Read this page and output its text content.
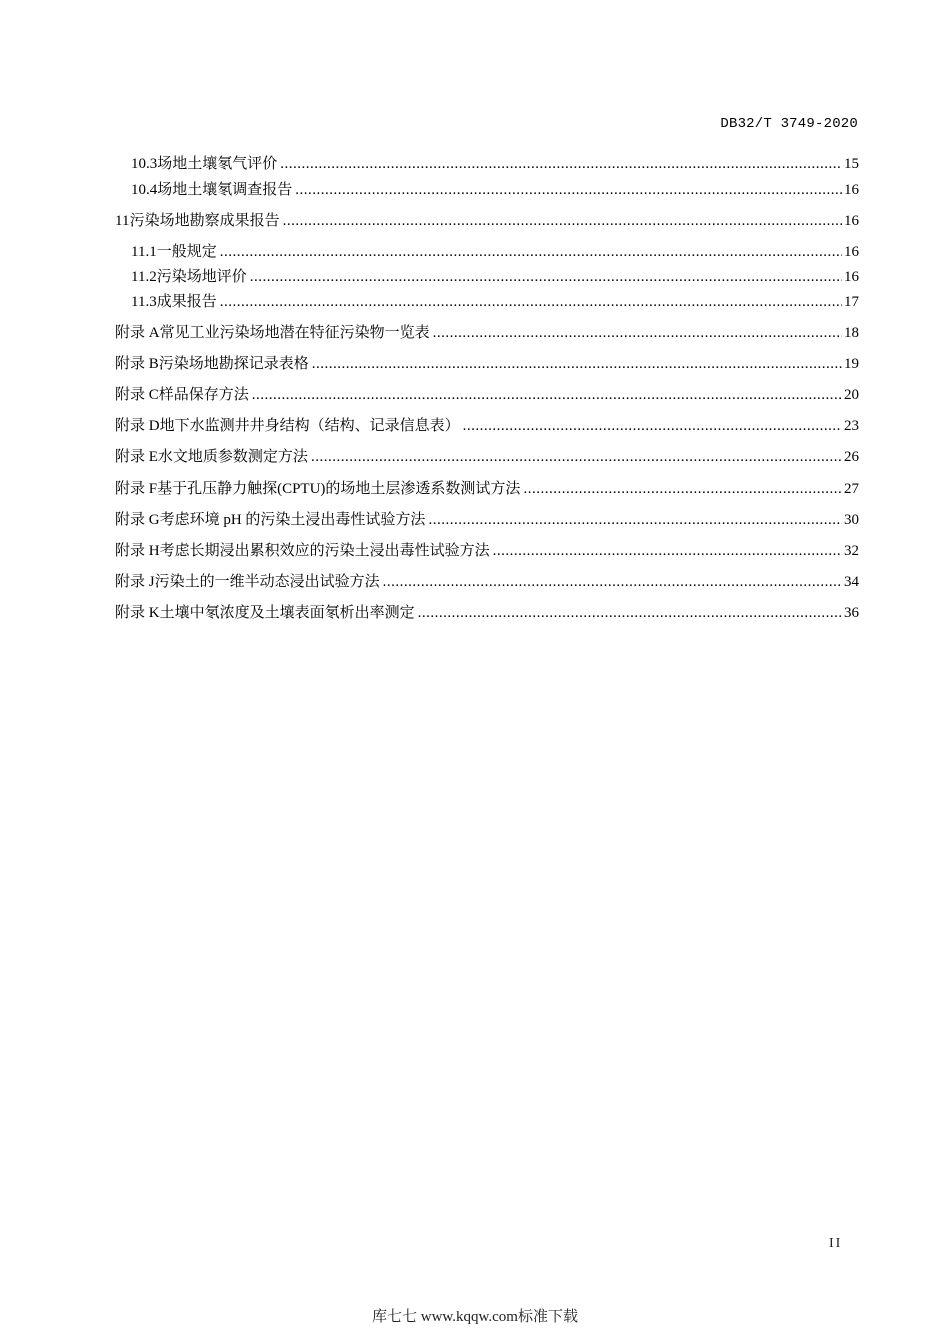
DB32/T 3749-2020
10.3 场地土壤氡气评价 .....	15
10.4 场地土壤氡调查报告 .....	16
11 污染场地勘察成果报告 .....	16
11.1 一般规定 .....	16
11.2 污染场地评价 .....	16
11.3 成果报告 .....	17
附录 A 常见工业污染场地潜在特征污染物一览表 .....	18
附录 B 污染场地勘探记录表格 .....	19
附录 C 样品保存方法 .....	20
附录 D 地下水监测井井身结构（结构、记录信息表） .....	23
附录 E 水文地质参数测定方法 .....	26
附录 F 基于孔压静力触探(CPTU)的场地土层渗透系数测试方法 .....	27
附录 G 考虑环境 pH 的污染土浸出毒性试验方法 .....	30
附录 H 考虑长期浸出累积效应的污染土浸出毒性试验方法 .....	32
附录 J 污染土的一维半动态浸出试验方法 .....	34
附录 K 土壤中氡浓度及土壤表面氡析出率测定 .....	36
II
库七七 www.kqqw.com标准下载
